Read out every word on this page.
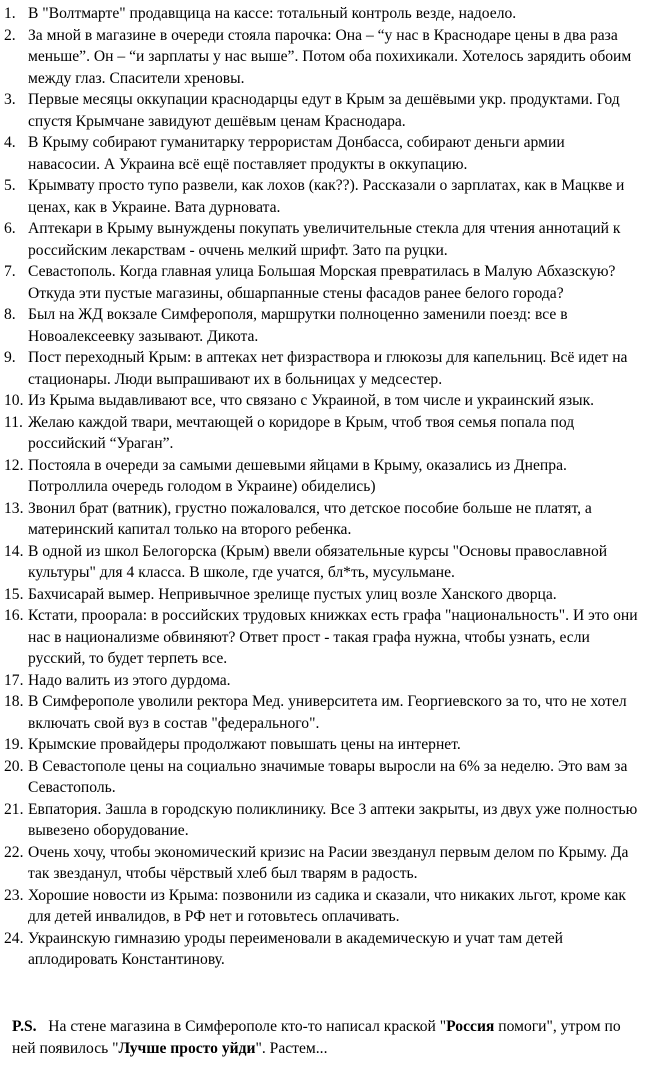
1. В "Волтмарте" продавщица на кассе: тотальный контроль везде, надоело.
2. За мной в магазине в очереди стояла парочка: Она – “у нас в Краснодаре цены в два раза меньше”. Он – “и зарплаты у нас выше”. Потом оба похихикали. Хотелось зарядить обоим между глаз. Спасители хреновы.
3. Первые месяцы оккупации краснодарцы едут в Крым за дешёвыми укр. продуктами. Год спустя Крымчане завидуют дешёвым ценам Краснодара.
4. В Крыму собирают гуманитарку террористам Донбасса, собирают деньги армии навасосии. А Украина всё ещё поставляет продукты в оккупацию.
5. Крымвату просто тупо развели, как лохов (как??). Рассказали о зарплатах, как в Мацкве и ценах, как в Украине. Вата дурновата.
6. Аптекари в Крыму вынуждены покупать увеличительные стекла для чтения аннотаций к российским лекарствам - оччень мелкий шрифт. Зато па руцки.
7. Севастополь. Когда главная улица Большая Морская превратилась в Малую Абхазскую? Откуда эти пустые магазины, обшарпанные стены фасадов ранее белого города?
8. Был на ЖД вокзале Симферополя, маршрутки полноценно заменили поезд: все в Новоалексеевку зазывают. Дикота.
9. Пост переходный Крым: в аптеках нет физраствора и глюкозы для капельниц. Всё идет на стационары. Люди выпрашивают их в больницах у медсестер.
10. Из Крыма выдавливают все, что связано с Украиной, в том числе и украинский язык.
11. Желаю каждой твари, мечтающей о коридоре в Крым, чтоб твоя семья попала под российский “Ураган”.
12. Постояла в очереди за самыми дешевыми яйцами в Крыму, оказались из Днепра. Потроллила очередь голодом в Украине) обиделись)
13. Звонил брат (ватник), грустно пожаловался, что детское пособие больше не платят, а материнский капитал только на второго ребенка.
14. В одной из школ Белогорска (Крым) ввели обязательные курсы "Основы православной культуры" для 4 класса. В школе, где учатся, бл*ть, мусульмане.
15. Бахчисарай вымер. Непривычное зрелище пустых улиц возле Ханского дворца.
16. Кстати, проорала: в российских трудовых книжках есть графа "национальность". И это они нас в национализме обвиняют? Ответ прост - такая графа нужна, чтобы узнать, если русский, то будет терпеть все.
17. Надо валить из этого дурдома.
18. В Симферополе уволили ректора Мед. университета им. Георгиевского за то, что не хотел включать свой вуз в состав "федерального".
19. Крымские провайдеры продолжают повышать цены на интернет.
20. В Севастополе цены на социально значимые товары выросли на 6% за неделю. Это вам за Севастополь.
21. Евпатория. Зашла в городскую поликлинику. Все 3 аптеки закрыты, из двух уже полностью вывезено оборудование.
22. Очень хочу, чтобы экономический кризис на Расии звезданул первым делом по Крыму. Да так звезданул, чтобы чёрствый хлеб был тварям в радость.
23. Хорошие новости из Крыма: позвонили из садика и сказали, что никаких льгот, кроме как для детей инвалидов, в РФ нет и готовьтесь оплачивать.
24. Украинскую гимназию уроды переименовали в академическую и учат там детей аплодировать Константинову.
P.S. На стене магазина в Симферополе кто-то написал краской "Россия помоги", утром по ней появилось "Лучше просто уйди". Растем...
